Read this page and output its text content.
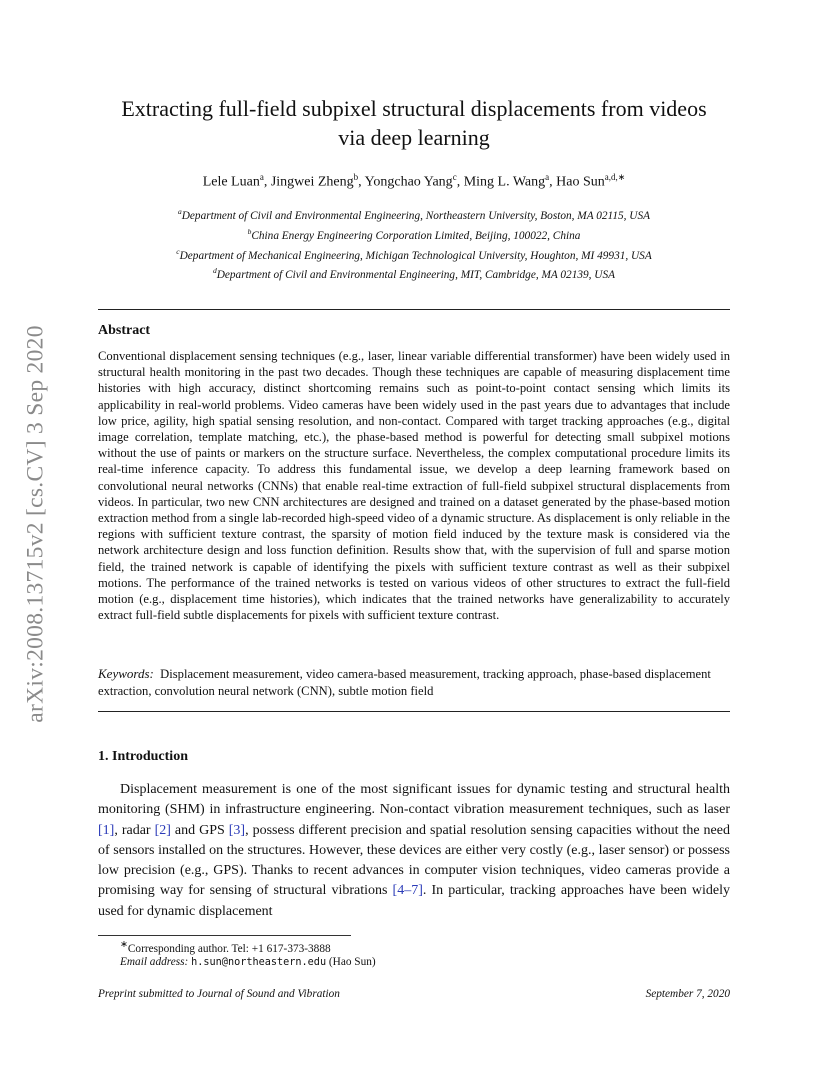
arXiv:2008.13715v2 [cs.CV] 3 Sep 2020
Extracting full-field subpixel structural displacements from videos
via deep learning
Lele Luan$^a$, Jingwei Zheng$^b$, Yongchao Yang$^c$, Ming L. Wang$^a$, Hao Sun$^{a,d,∗}$
$^a$Department of Civil and Environmental Engineering, Northeastern University, Boston, MA 02115, USA
$^b$China Energy Engineering Corporation Limited, Beijing, 100022, China
$^c$Department of Mechanical Engineering, Michigan Technological University, Houghton, MI 49931, USA
$^d$Department of Civil and Environmental Engineering, MIT, Cambridge, MA 02139, USA
Abstract
Conventional displacement sensing techniques (e.g., laser, linear variable differential transformer) have been widely used in structural health monitoring in the past two decades. Though these techniques are capable of measuring displacement time histories with high accuracy, distinct shortcoming remains such as point-to-point contact sensing which limits its applicability in real-world problems. Video cameras have been widely used in the past years due to advantages that include low price, agility, high spatial sensing resolution, and non-contact. Compared with target tracking approaches (e.g., digital image correlation, template matching, etc.), the phase-based method is powerful for detecting small subpixel motions without the use of paints or markers on the structure surface. Nevertheless, the complex computational procedure limits its real-time inference capacity. To address this fundamental issue, we develop a deep learning framework based on convolutional neural networks (CNNs) that enable real-time extraction of full-field subpixel structural displacements from videos. In particular, two new CNN architectures are designed and trained on a dataset generated by the phase-based motion extraction method from a single lab-recorded high-speed video of a dynamic structure. As displacement is only reliable in the regions with sufficient texture contrast, the sparsity of motion field induced by the texture mask is considered via the network architecture design and loss function definition. Results show that, with the supervision of full and sparse motion field, the trained network is capable of identifying the pixels with sufficient texture contrast as well as their subpixel motions. The performance of the trained networks is tested on various videos of other structures to extract the full-field motion (e.g., displacement time histories), which indicates that the trained networks have generalizability to accurately extract full-field subtle displacements for pixels with sufficient texture contrast.
Keywords: Displacement measurement, video camera-based measurement, tracking approach, phase-based displacement extraction, convolution neural network (CNN), subtle motion field
1. Introduction
Displacement measurement is one of the most significant issues for dynamic testing and structural health monitoring (SHM) in infrastructure engineering. Non-contact vibration measurement techniques, such as laser [1], radar [2] and GPS [3], possess different precision and spatial resolution sensing capacities without the need of sensors installed on the structures. However, these devices are either very costly (e.g., laser sensor) or possess low precision (e.g., GPS). Thanks to recent advances in computer vision techniques, video cameras provide a promising way for sensing of structural vibrations [4–7]. In particular, tracking approaches have been widely used for dynamic displacement
∗Corresponding author. Tel: +1 617-373-3888
Email address: h.sun@northeastern.edu (Hao Sun)
Preprint submitted to Journal of Sound and Vibration	September 7, 2020
